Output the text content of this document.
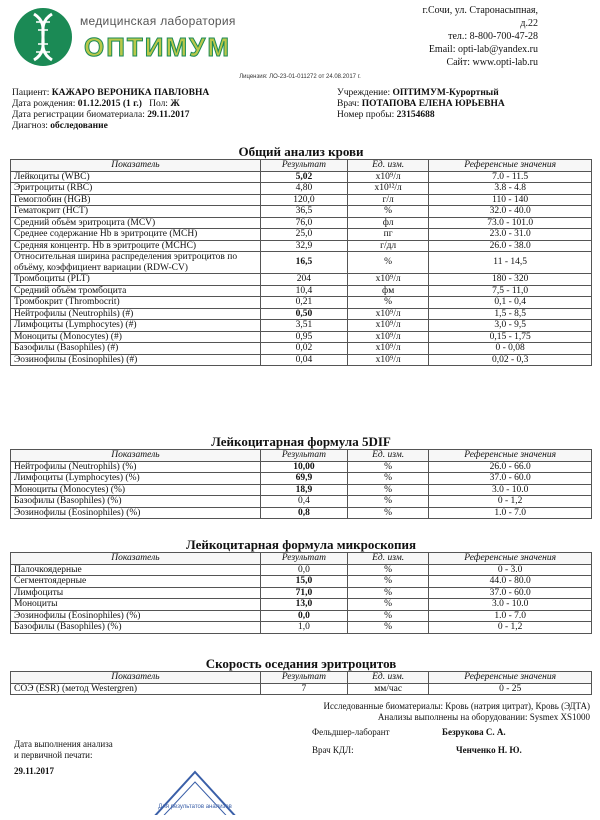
медицинская лаборатория
ОПТИМУМ
г.Сочи, ул. Старонасыпная,
д.22
тел.: 8-800-700-47-28
Email: opti-lab@yandex.ru
Сайт: www.opti-lab.ru
Лицензия: ЛО-23-01-011272 от 24.08.2017 г.
Пациент: КАЖАРО ВЕРОНИКА ПАВЛОВНА
Дата рождения: 01.12.2015 (1 г.) Пол: Ж
Дата регистрации биоматериала: 29.11.2017
Диагноз: обследование
Учреждение: ОПТИМУМ-Курортный
Врач: ПОТАПОВА ЕЛЕНА ЮРЬЕВНА
Номер пробы: 23154688
Общий анализ крови			
Показатель	Результат	Ед. изм.	Референсные значения
Лейкоциты (WBC)	5,02	х10⁹/л	7.0 - 11.5
Эритроциты (RBC)	4,80	х10¹²/л	3.8 - 4.8
Гемоглобин (HGB)	120,0	г/л	110 - 140
Гематокрит (HCT)	36,5	%	32.0 - 40.0
Средний объём эритроцита (MCV)	76,0	фл	73.0 - 101.0
Среднее содержание Hb в эритроците (MCH)	25,0	пг	23.0 - 31.0
Средняя концентр. Hb в эритроците (MCHC)	32,9	г/дл	26.0 - 38.0
Относительная ширина распределения эритроцитов по объёму, коэффициент вариации (RDW-CV)	16,5	%	11 - 14,5
Тромбоциты (PLT)	204	х10⁹/л	180 - 320
Средний объём тромбоцита	10,4	фм	7,5 - 11,0
Тромбокрит (Thrombocrit)	0,21	%	0,1 - 0,4
Нейтрофилы (Neutrophils) (#)	0,50	х10⁹/л	1,5 - 8,5
Лимфоциты (Lymphocytes) (#)	3,51	х10⁹/л	3,0 - 9,5
Моноциты (Monocytes) (#)	0,95	х10⁹/л	0,15 - 1,75
Базофилы (Basophiles) (#)	0,02	х10⁹/л	0 - 0,08
Эозинофилы (Eosinophiles) (#)	0,04	х10⁹/л	0,02 - 0,3
Лейкоцитарная формула 5DIF			
Показатель	Результат	Ед. изм.	Референсные значения
Нейтрофилы (Neutrophils) (%)	10,00	%	26.0 - 66.0
Лимфоциты (Lymphocytes) (%)	69,9	%	37.0 - 60.0
Моноциты (Monocytes) (%)	18,9	%	3.0 - 10.0
Базофилы (Basophiles) (%)	0,4	%	0 - 1,2
Эозинофилы (Eosinophiles) (%)	0,8	%	1.0 - 7.0
Лейкоцитарная формула микроскопия			
Показатель	Результат	Ед. изм.	Референсные значения
Палочкоядерные	0,0	%	0 - 3.0
Сегментоядерные	15,0	%	44.0 - 80.0
Лимфоциты	71,0	%	37.0 - 60.0
Моноциты	13,0	%	3.0 - 10.0
Эозинофилы (Eosinophiles) (%)	0,0	%	1.0 - 7.0
Базофилы (Basophiles) (%)	1,0	%	0 - 1,2
Скорость оседания эритроцитов			
Показатель	Результат	Ед. изм.	Референсные значения
СОЭ (ESR) (метод Westergren)	7	мм/час	0 - 25
Исследованные биоматериалы: Кровь (натрия цитрат), Кровь (ЭДТА)
Анализы выполнены на оборудовании: Sysmex XS1000
Дата выполнения анализа
и первичной печати:
29.11.2017
Фельдшер-лаборант	Безрукова С. А.
Врач КДЛ:	Ченченко Н. Ю.
Для результатов анализов
